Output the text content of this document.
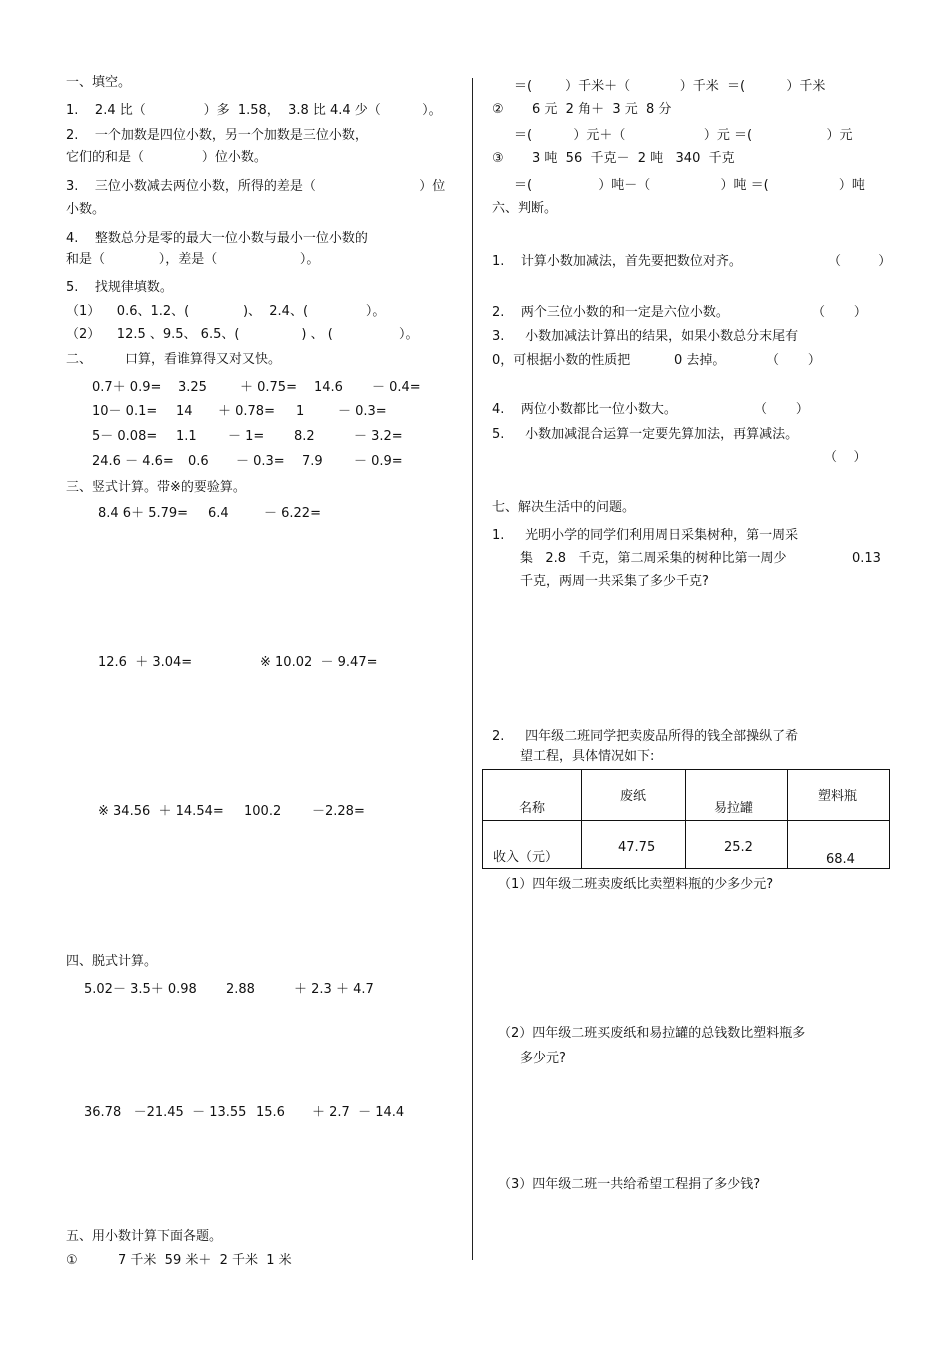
一、填空。
1.    2.4 比（              ）多  1.58，  3.8 比 4.4 少（          ）。
2.    一个加数是四位小数，另一个加数是三位小数，
它们的和是（              ）位小数。
3.    三位小数减去两位小数，所得的差是（                         ）位
小数。
4.    整数总分是零的最大一位小数与最小一位小数的
和是（             ），差是（                    ）。
5.    找规律填数。
（1）    0.6、1.2、(             )、  2.4、(              ）。
（2）    12.5 、9.5、 6.5、(               ) 、 (                ）。
二、        口算，看谁算得又对又快。
0.7＋ 0.9= 3.25	＋ 0.75= 14.6 － 0.4=
10－ 0.1= 14 ＋ 0.78= 1	－ 0.3=
5－ 0.08= 1.1 － 1= 8.2	－ 3.2=
24.6 － 4.6= 0.6 － 0.3= 7.9 － 0.9=
三、竖式计算。带※的要验算。
8.4 6＋ 5.79= 6.4	－ 6.22=
12.6  ＋ 3.04=	※ 10.02  － 9.47=
※ 34.56  ＋ 14.54= 100.2 －2.28=
四、脱式计算。
5.02－ 3.5＋ 0.98 2.88	＋ 2.3 ＋ 4.7
36.78   －21.45  － 13.55 15.6 ＋ 2.7  － 14.4
五、用小数计算下面各题。
①	7 千米  59 米＋  2 千米  1 米
＝(        ）千米＋（            ）千米  ＝(          ）千米
② 6 元  2 角＋  3 元  8 分
＝(          ）元＋（                   ）元 ＝(                  ）元
③ 3 吨  56  千克－  2 吨   340  千克
＝(                ）吨－（                 ）吨 ＝(                 ）吨
六、判断。
1.    计算小数加减法，首先要把数位对齐。	（         ）
2.    两个三位小数的和一定是六位小数。	（       ）
3.     小数加减法计算出的结果，如果小数总分末尾有
0，可根据小数的性质把	0 去掉。	（       ）
4.    两位小数都比一位小数大。	（       ）
5.     小数加减混合运算一定要先算加法，再算减法。
（    ）
七、解决生活中的问题。
1.     光明小学的同学们利用周日采集树种，第一周采
集   2.8   千克，第二周采集的树种比第一周少	0.13
千克，两周一共采集了多少千克?
2.     四年级二班同学把卖废品所得的钱全部操纵了希
望工程，具体情况如下:
名称	废纸	易拉罐	塑料瓶

收入（元）	47.75	25.2	68.4
（1）四年级二班卖废纸比卖塑料瓶的少多少元?
（2）四年级二班买废纸和易拉罐的总钱数比塑料瓶多
多少元?
（3）四年级二班一共给希望工程捐了多少钱?
